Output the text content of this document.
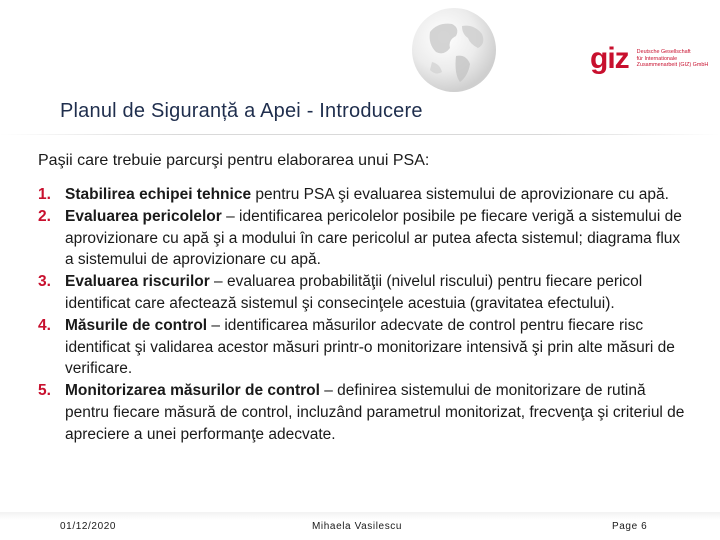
giz Deutsche Gesellschaft
für Internationale
Zusammenarbeit (GIZ) GmbH
Planul de Siguranță a Apei - Introducere
Paşii care trebuie parcurşi pentru elaborarea unui PSA:
1. Stabilirea echipei tehnice pentru PSA şi evaluarea sistemului de aprovizionare cu apă.
2. Evaluarea pericolelor – identificarea pericolelor posibile pe fiecare verigă a sistemului de aprovizionare cu apă şi a modului în care pericolul ar putea afecta sistemul; diagrama flux a sistemului de aprovizionare cu apă.
3. Evaluarea riscurilor – evaluarea probabilităţii (nivelul riscului) pentru fiecare pericol identificat care afectează sistemul şi consecinţele acestuia (gravitatea efectului).
4. Măsurile de control – identificarea măsurilor adecvate de control pentru fiecare risc identificat şi validarea acestor măsuri printr-o monitorizare intensivă şi prin alte măsuri de verificare.
5. Monitorizarea măsurilor de control – definirea sistemului de monitorizare de rutină pentru fiecare măsură de control, incluzând parametrul monitorizat, frecvenţa şi criteriul de apreciere a unei performanţe adecvate.
01/12/2020	Mihaela Vasilescu	Page 6
